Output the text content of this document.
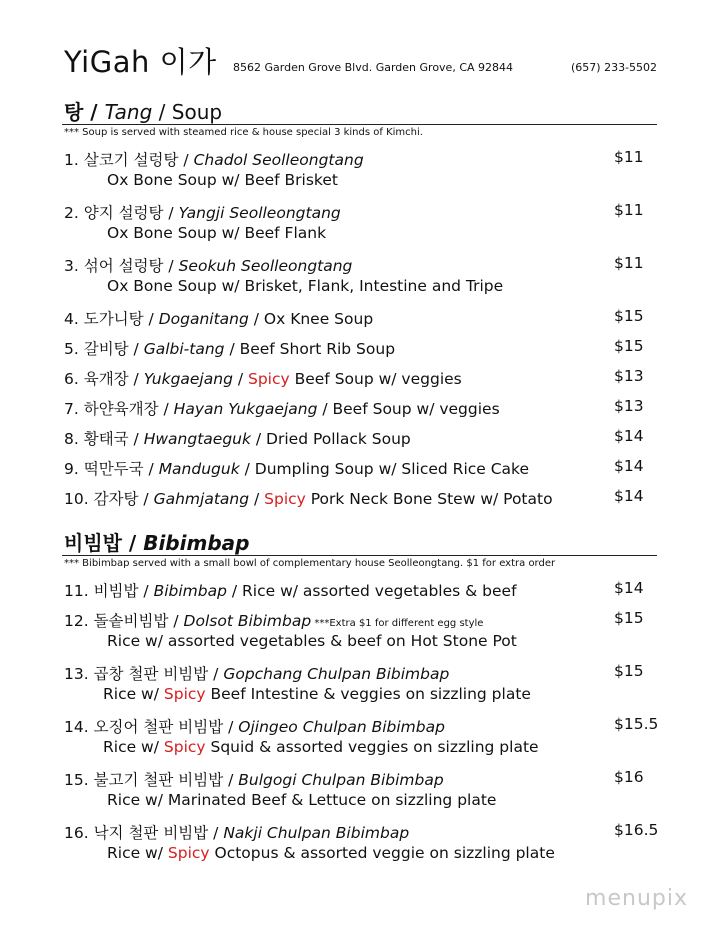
YiGah 이가 8562 Garden Grove Blvd. Garden Grove, CA 92844	(657) 233-5502
탕 / Tang / Soup
*** Soup is served with steamed rice & house special 3 kinds of Kimchi.
1. 살코기 설렁탕 / Chadol Seolleongtang
Ox Bone Soup w/ Beef Brisket
$11
2. 양지 설렁탕 / Yangji Seolleongtang
Ox Bone Soup w/ Beef Flank
$11
3. 섞어 설렁탕 / Seokuh Seolleongtang
Ox Bone Soup w/ Brisket, Flank, Intestine and Tripe
$11
4. 도가니탕 / Doganitang / Ox Knee Soup	$15
5. 갈비탕 / Galbi-tang / Beef Short Rib Soup	$15
6. 육개장 / Yukgaejang / Spicy Beef Soup w/ veggies	$13
7. 하얀육개장 / Hayan Yukgaejang / Beef Soup w/ veggies	$13
8. 황태국 / Hwangtaeguk / Dried Pollack Soup	$14
9. 떡만두국 / Manduguk / Dumpling Soup w/ Sliced Rice Cake	$14
10. 감자탕 / Gahmjatang / Spicy Pork Neck Bone Stew w/ Potato	$14
비빔밥 / Bibimbap
*** Bibimbap served with a small bowl of complementary house Seolleongtang. $1 for extra order
11. 비빔밥 / Bibimbap / Rice w/ assorted vegetables & beef	$14
12. 돌솥비빔밥 / Dolsot Bibimbap ***Extra $1 for different egg style
Rice w/ assorted vegetables & beef on Hot Stone Pot
$15
13. 곱창 철판 비빔밥 / Gopchang Chulpan Bibimbap
Rice w/ Spicy Beef Intestine & veggies on sizzling plate
$15
14. 오징어 철판 비빔밥 / Ojingeo Chulpan Bibimbap
Rice w/ Spicy Squid & assorted veggies on sizzling plate
$15.5
15. 불고기 철판 비빔밥 / Bulgogi Chulpan Bibimbap
Rice w/ Marinated Beef & Lettuce on sizzling plate
$16
16. 낙지 철판 비빔밥 / Nakji Chulpan Bibimbap
Rice w/ Spicy Octopus & assorted veggie on sizzling plate
$16.5
menupix
